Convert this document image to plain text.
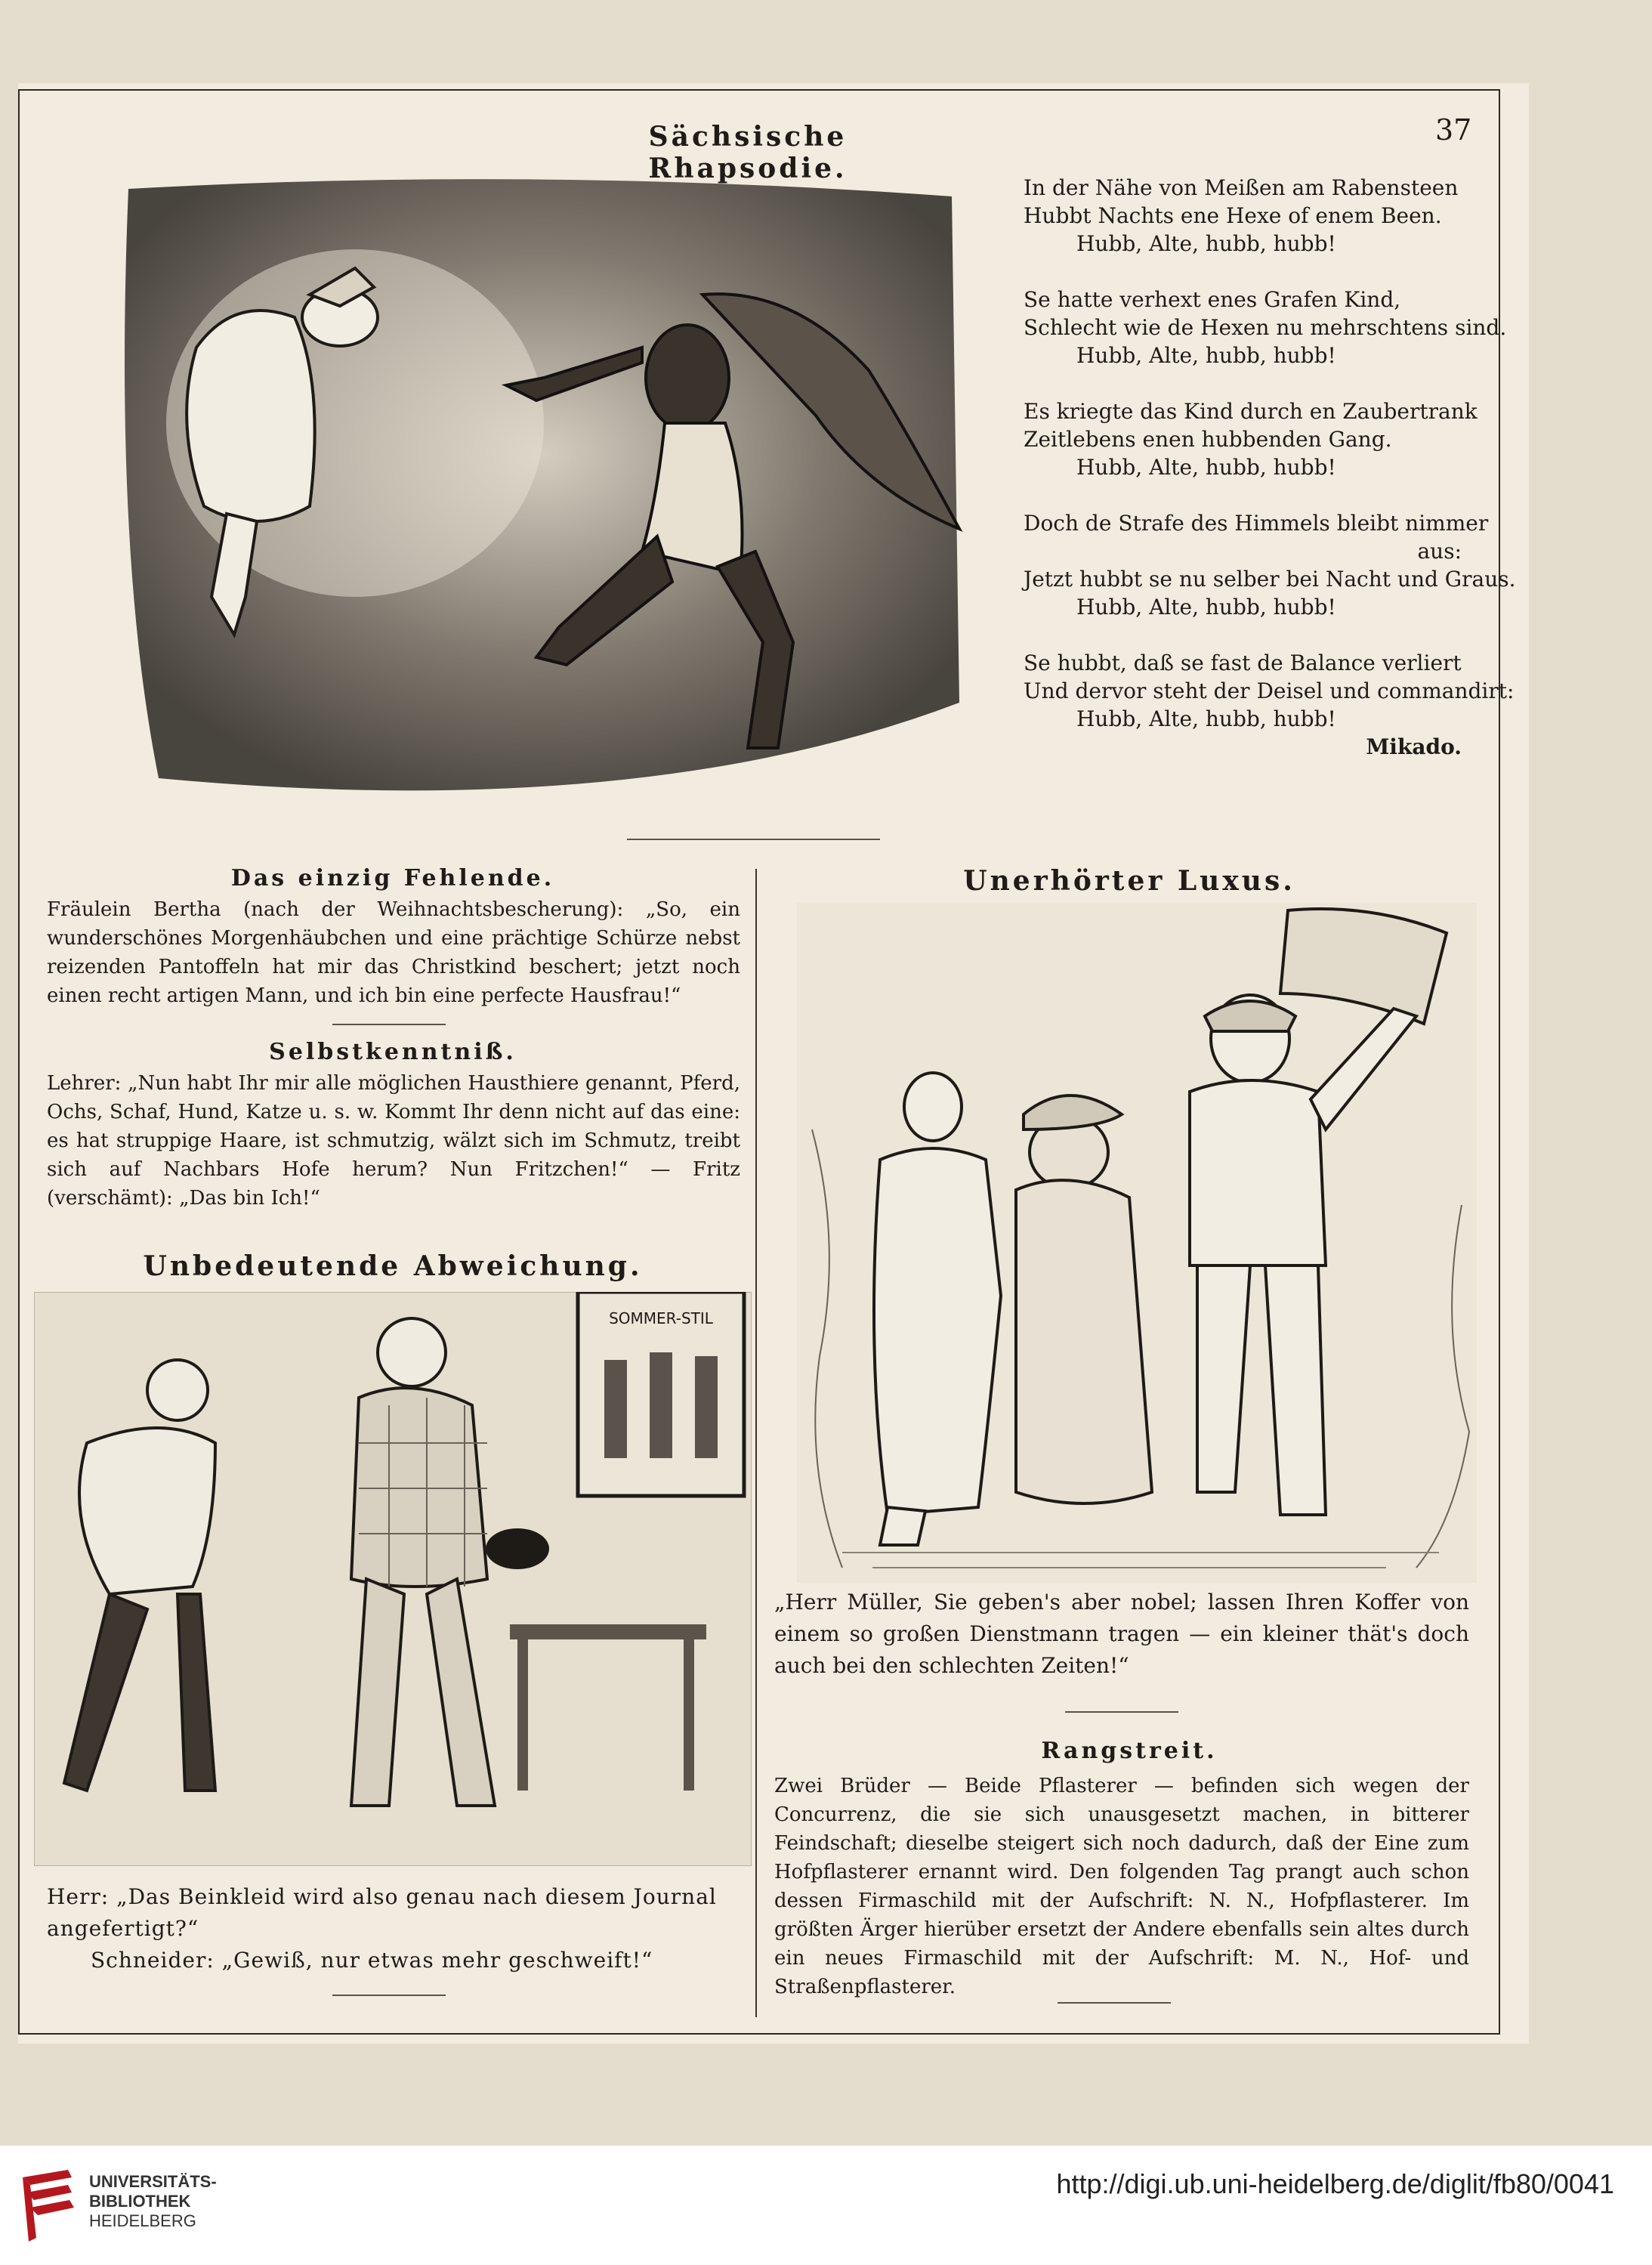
Sächsische Rhapsodie.
37
In der Nähe von Meißen am Rabensteen
Hubbt Nachts ene Hexe of enem Been.
Hubb, Alte, hubb, hubb!
Se hatte verhext enes Grafen Kind,
Schlecht wie de Hexen nu mehrschtens sind.
Hubb, Alte, hubb, hubb!
Es kriegte das Kind durch en Zaubertrank
Zeitlebens enen hubbenden Gang.
Hubb, Alte, hubb, hubb!
Doch de Strafe des Himmels bleibt nimmer
aus:
Jetzt hubbt se nu selber bei Nacht und Graus.
Hubb, Alte, hubb, hubb!
Se hubbt, daß se fast de Balance verliert
Und dervor steht der Deisel und commandirt:
Hubb, Alte, hubb, hubb!
Mikado.
Das einzig Fehlende.
Fräulein Bertha (nach der Weihnachtsbescherung): „So, ein wunderschönes Morgenhäubchen und eine prächtige Schürze nebst reizenden Pantoffeln hat mir das Christkind beschert; jetzt noch einen recht artigen Mann, und ich bin eine perfecte Hausfrau!“
Selbstkenntniß.
Lehrer: „Nun habt Ihr mir alle möglichen Hausthiere genannt, Pferd, Ochs, Schaf, Hund, Katze u. s. w. Kommt Ihr denn nicht auf das eine: es hat struppige Haare, ist schmutzig, wälzt sich im Schmutz, treibt sich auf Nachbars Hofe herum? Nun Fritzchen!“ — Fritz (verschämt): „Das bin Ich!“
Unbedeutende Abweichung.
SOMMER-STIL
Herr: „Das Beinkleid wird also genau nach diesem Journal angefertigt?“
Schneider: „Gewiß, nur etwas mehr geschweift!“
Unerhörter Luxus.
„Herr Müller, Sie geben's aber nobel; lassen Ihren Koffer von einem so großen Dienstmann tragen — ein kleiner thät's doch auch bei den schlechten Zeiten!“
Rangstreit.
Zwei Brüder — Beide Pflasterer — befinden sich wegen der Concurrenz, die sie sich unausgesetzt machen, in bitterer Feindschaft; dieselbe steigert sich noch dadurch, daß der Eine zum Hofpflasterer ernannt wird. Den folgenden Tag prangt auch schon dessen Firmaschild mit der Aufschrift: N. N., Hofpflasterer. Im größten Ärger hierüber ersetzt der Andere ebenfalls sein altes durch ein neues Firmaschild mit der Aufschrift: M. N., Hof- und Straßenpflasterer.
UNIVERSITÄTS-
BIBLIOTHEK
HEIDELBERG
http://digi.ub.uni-heidelberg.de/diglit/fb80/0041
